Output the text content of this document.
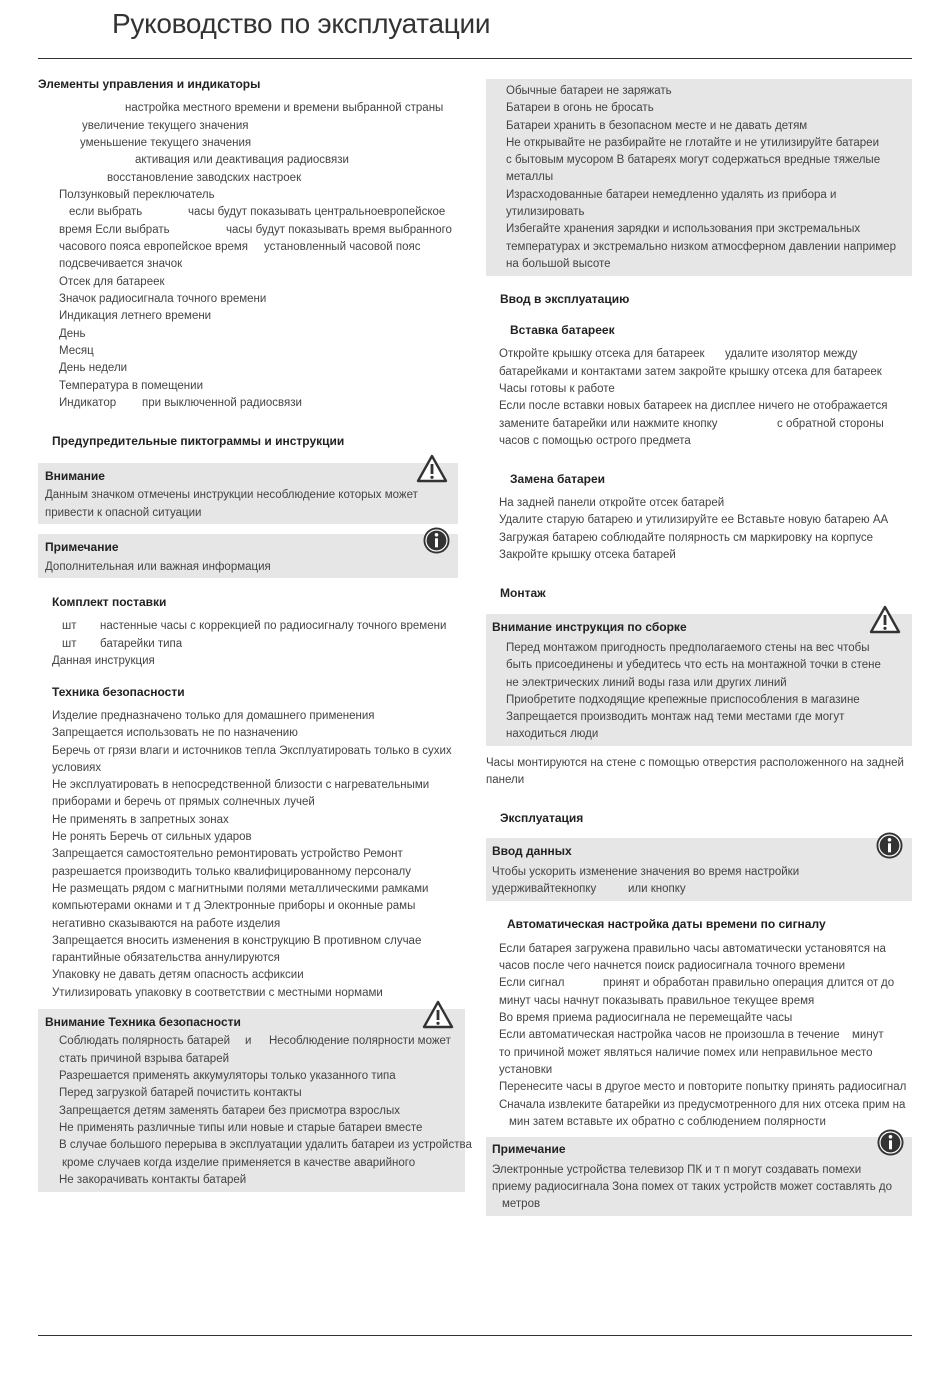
Руководство по эксплуатации
Элементы управления и индикаторы
настройка местного времени и времени выбранной страны
увеличение текущего значения
уменьшение текущего значения
активация или деактивация радиосвязи
восстановление заводских настроек
Ползунковый переключатель
если выбрать	часы будут показывать центральноевропейское
время Если выбрать	часы будут показывать время выбранного
часового пояса европейское время установленный часовой пояс
подсвечивается значок
Отсек для батареек
Значок радиосигнала точного времени
Индикация летнего времени
День
Месяц
День недели
Температура в помещении
Индикатор при выключенной радиосвязи
Предупредительные пиктограммы и инструкции
Внимание
Данным значком отмечены инструкции несоблюдение которых может
привести к опасной ситуации
Примечание
Дополнительная или важная информация
Комплект поставки
шт настенные часы с коррекцией по радиосигналу точного времени
шт батарейки типа
Данная инструкция
Техника безопасности
Изделие предназначено только для домашнего применения
Запрещается использовать не по назначению
Беречь от грязи влаги и источников тепла Эксплуатировать только в сухих
условиях
Не эксплуатировать в непосредственной близости с нагревательными
приборами и беречь от прямых солнечных лучей
Не применять в запретных зонах
Не ронять Беречь от сильных ударов
Запрещается самостоятельно ремонтировать устройство Ремонт
разрешается производить только квалифицированному персоналу
Не размещать рядом с магнитными полями металлическими рамками
компьютерами окнами и т д Электронные приборы и оконные рамы
негативно сказываются на работе изделия
Запрещается вносить изменения в конструкцию В противном случае
гарантийные обязательства аннулируются
Упаковку не давать детям опасность асфиксии
Утилизировать упаковку в соответствии с местными нормами
Внимание Техника безопасности
Соблюдать полярность батарей и Несоблюдение полярности может
стать причиной взрыва батарей
Разрешается применять аккумуляторы только указанного типа
Перед загрузкой батарей почистить контакты
Запрещается детям заменять батареи без присмотра взрослых
Не применять различные типы или новые и старые батареи вместе
В случае большого перерыва в эксплуатации удалить батареи из устройства
кроме случаев когда изделие применяется в качестве аварийного
Не закорачивать контакты батарей
Обычные батареи не заряжать
Батареи в огонь не бросать
Батареи хранить в безопасном месте и не давать детям
Не открывайте не разбирайте не глотайте и не утилизируйте батареи
с бытовым мусором В батареях могут содержаться вредные тяжелые
металлы
Израсходованные батареи немедленно удалять из прибора и
утилизировать
Избегайте хранения зарядки и использования при экстремальных
температурах и экстремально низком атмосферном давлении например
на большой высоте
Ввод в эксплуатацию
Вставка батареек
Откройте крышку отсека для батареек удалите изолятор между
батарейками и контактами затем закройте крышку отсека для батареек
Часы готовы к работе
Если после вставки новых батареек на дисплее ничего не отображается
замените батарейки или нажмите кнопку	с обратной стороны
часов с помощью острого предмета
Замена батареи
На задней панели откройте отсек батарей
Удалите старую батарею и утилизируйте ее Вставьте новую батарею AA
Загружая батарею соблюдайте полярность см маркировку на корпусе
Закройте крышку отсека батарей
Монтаж
Внимание инструкция по сборке
Перед монтажом пригодность предполагаемого стены на вес чтобы
быть присоединены и убедитесь что есть на монтажной точки в стене
не электрических линий воды газа или других линий
Приобретите подходящие крепежные приспособления в магазине
Запрещается производить монтаж над теми местами где могут
находиться люди
Часы монтируются на стене с помощью отверстия расположенного на задней
панели
Эксплуатация
Ввод данных
Чтобы ускорить изменение значения во время настройки
удерживайтекнопку	или кнопку
Автоматическая настройка даты времени по сигналу
Если батарея загружена правильно часы автоматически установятся на
часов после чего начнется поиск радиосигнала точного времени
Если сигнал	принят и обработан правильно операция длится от до
минут часы начнут показывать правильное текущее время
Во время приема радиосигнала не перемещайте часы
Если автоматическая настройка часов не произошла в течение минут
то причиной может являться наличие помех или неправильное место
установки
Перенесите часы в другое место и повторите попытку принять радиосигнал
Сначала извлеките батарейки из предусмотренного для них отсека прим на
мин затем вставьте их обратно с соблюдением полярности
Примечание
Электронные устройства телевизор ПК и т п могут создавать помехи
приему радиосигнала Зона помех от таких устройств может составлять до
метров
